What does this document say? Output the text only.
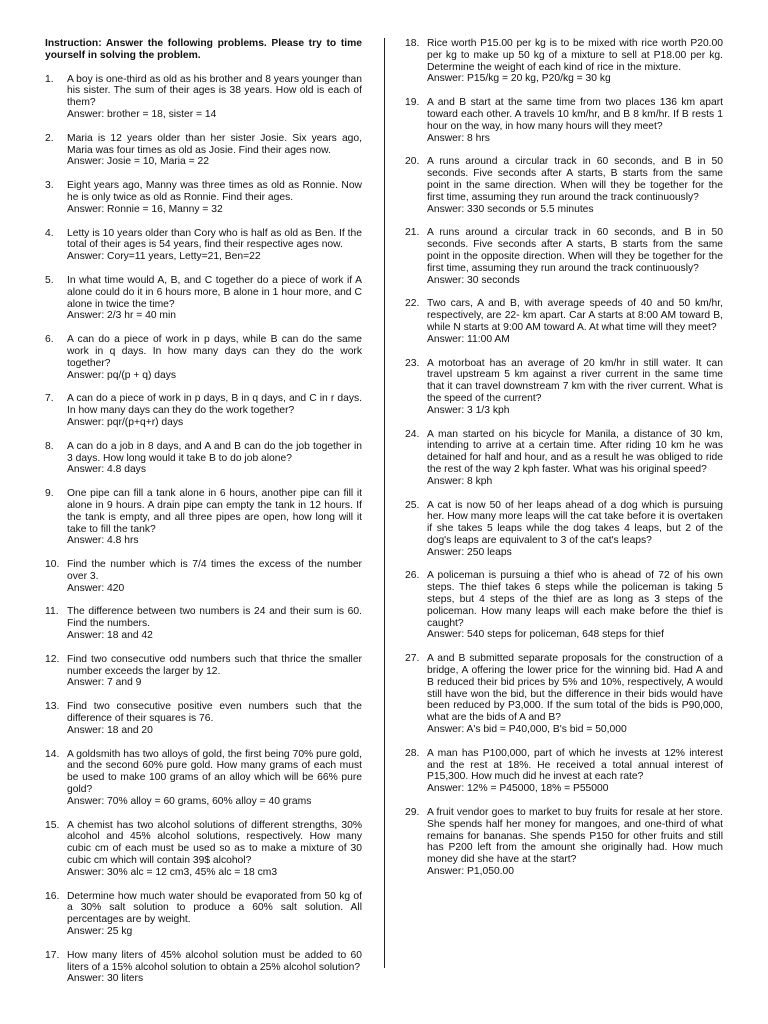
Instruction: Answer the following problems. Please try to time yourself in solving the problem.
1.	A boy is one-third as old as his brother and 8 years younger than his sister. The sum of their ages is 38 years. How old is each of them?
Answer: brother = 18, sister = 14
2.	Maria is 12 years older than her sister Josie. Six years ago, Maria was four times as old as Josie. Find their ages now.
Answer: Josie = 10, Maria = 22
3.	Eight years ago, Manny was three times as old as Ronnie. Now he is only twice as old as Ronnie. Find their ages.
Answer: Ronnie = 16, Manny = 32
4.	Letty is 10 years older than Cory who is half as old as Ben. If the total of their ages is 54 years, find their respective ages now.
Answer: Cory=11 years, Letty=21, Ben=22
5.	In what time would A, B, and C together do a piece of work if A alone could do it in 6 hours more, B alone in 1 hour more, and C alone in twice the time?
Answer: 2/3 hr = 40 min
6.	A can do a piece of work in p days, while B can do the same work in q days. In how many days can they do the work together?
Answer: pq/(p + q) days
7.	A can do a piece of work in p days, B in q days, and C in r days. In how many days can they do the work together?
Answer: pqr/(p+q+r) days
8.	A can do a job in 8 days, and A and B can do the job together in 3 days. How long would it take B to do job alone?
Answer: 4.8 days
9.	One pipe can fill a tank alone in 6 hours, another pipe can fill it alone in 9 hours. A drain pipe can empty the tank in 12 hours. If the tank is empty, and all three pipes are open, how long will it take to fill the tank?
Answer: 4.8 hrs
10. Find the number which is 7/4 times the excess of the number over 3.
Answer: 420
11. The difference between two numbers is 24 and their sum is 60. Find the numbers.
Answer: 18 and 42
12. Find two consecutive odd numbers such that thrice the smaller number exceeds the larger by 12.
Answer: 7 and 9
13. Find two consecutive positive even numbers such that the difference of their squares is 76.
Answer: 18 and 20
14. A goldsmith has two alloys of gold, the first being 70% pure gold, and the second 60% pure gold. How many grams of each must be used to make 100 grams of an alloy which will be 66% pure gold?
Answer: 70% alloy = 60 grams, 60% alloy = 40 grams
15. A chemist has two alcohol solutions of different strengths, 30% alcohol and 45% alcohol solutions, respectively. How many cubic cm of each must be used so as to make a mixture of 30 cubic cm which will contain 39$ alcohol?
Answer: 30% alc = 12 cm3, 45% alc = 18 cm3
16. Determine how much water should be evaporated from 50 kg of a 30% salt solution to produce a 60% salt solution. All percentages are by weight.
Answer: 25 kg
17. How many liters of 45% alcohol solution must be added to 60 liters of a 15% alcohol solution to obtain a 25% alcohol solution?
Answer: 30 liters
18. Rice worth P15.00 per kg is to be mixed with rice worth P20.00 per kg to make up 50 kg of a mixture to sell at P18.00 per kg. Determine the weight of each kind of rice in the mixture.
Answer: P15/kg = 20 kg, P20/kg = 30 kg
19. A and B start at the same time from two places 136 km apart toward each other. A travels 10 km/hr, and B 8 km/hr. If B rests 1 hour on the way, in how many hours will they meet?
Answer: 8 hrs
20. A runs around a circular track in 60 seconds, and B in 50 seconds. Five seconds after A starts, B starts from the same point in the same direction. When will they be together for the first time, assuming they run around the track continuously?
Answer: 330 seconds or 5.5 minutes
21. A runs around a circular track in 60 seconds, and B in 50 seconds. Five seconds after A starts, B starts from the same point in the opposite direction. When will they be together for the first time, assuming they run around the track continuously?
Answer: 30 seconds
22. Two cars, A and B, with average speeds of 40 and 50 km/hr, respectively, are 22- km apart. Car A starts at 8:00 AM toward B, while N starts at 9:00 AM toward A. At what time will they meet?
Answer: 11:00 AM
23. A motorboat has an average of 20 km/hr in still water. It can travel upstream 5 km against a river current in the same time that it can travel downstream 7 km with the river current. What is the speed of the current?
Answer: 3 1/3 kph
24. A man started on his bicycle for Manila, a distance of 30 km, intending to arrive at a certain time. After riding 10 km he was detained for half and hour, and as a result he was obliged to ride the rest of the way 2 kph faster. What was his original speed?
Answer: 8 kph
25. A cat is now 50 of her leaps ahead of a dog which is pursuing her. How many more leaps will the cat take before it is overtaken if she takes 5 leaps while the dog takes 4 leaps, but 2 of the dog's leaps are equivalent to 3 of the cat's leaps?
Answer: 250 leaps
26. A policeman is pursuing a thief who is ahead of 72 of his own steps. The thief takes 6 steps while the policeman is taking 5 steps, but 4 steps of the thief are as long as 3 steps of the policeman. How many leaps will each make before the thief is caught?
Answer: 540 steps for policeman, 648 steps for thief
27. A and B submitted separate proposals for the construction of a bridge, A offering the lower price for the winning bid. Had A and B reduced their bid prices by 5% and 10%, respectively, A would still have won the bid, but the difference in their bids would have been reduced by P3,000. If the sum total of the bids is P90,000, what are the bids of A and B?
Answer: A's bid = P40,000, B's bid = 50,000
28. A man has P100,000, part of which he invests at 12% interest and the rest at 18%. He received a total annual interest of P15,300. How much did he invest at each rate?
Answer: 12% = P45000, 18% = P55000
29. A fruit vendor goes to market to buy fruits for resale at her store. She spends half her money for mangoes, and one-third of what remains for bananas. She spends P150 for other fruits and still has P200 left from the amount she originally had. How much money did she have at the start?
Answer: P1,050.00
